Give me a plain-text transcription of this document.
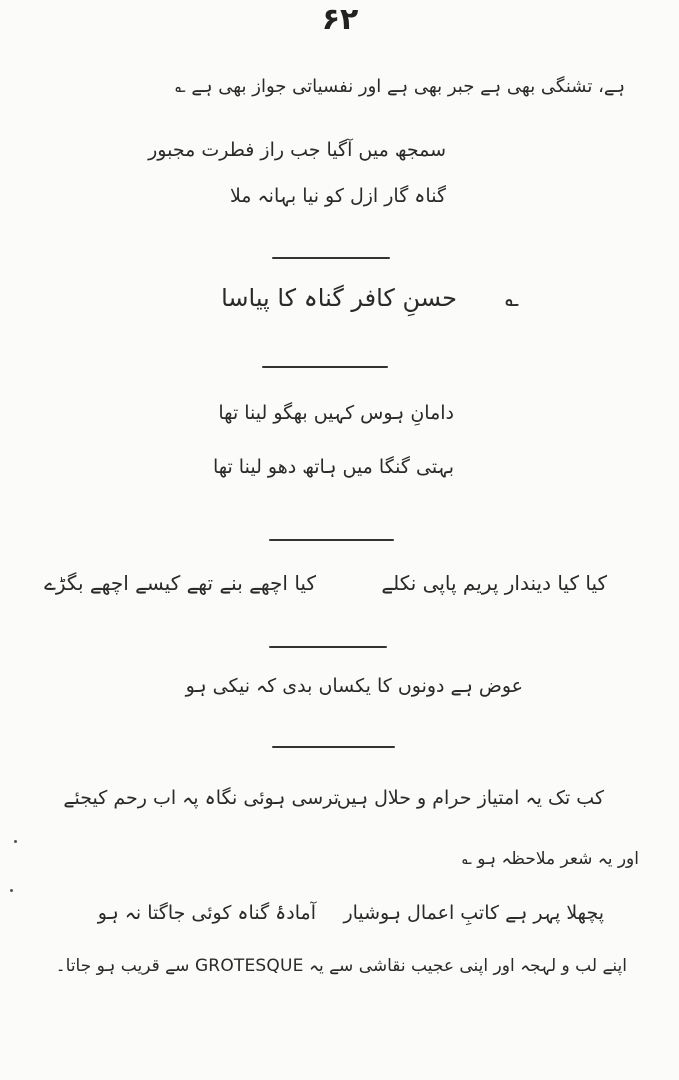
۶۲
ہے، تشنگی بھی ہے جبر بھی ہے اور نفسیاتی جواز بھی ہے ؎
سمجھ میں آگیا جب راز فطرت مجبور
گناہ گار ازل کو نیا بہانہ ملا
حسنِ کافر گناہ کا پیاسا ؎
دامانِ ہوس کہیں بھگو لینا تھا
بہتی گنگا میں ہاتھ دھو لینا تھا
کیا کیا دیندار پریم پاپی نکلے
کیا اچھے بنے تھے کیسے اچھے بگڑے
عوض ہے دونوں کا یکساں بدی کہ نیکی ہو
ترسی ہوئی نگاہ پہ اب رحم کیجئے
کب تک یہ امتیاز حرام و حلال ہیں
اور یہ شعر ملاحظہ ہو ؎
پچھلا پہر ہے کاتبِ اعمال ہوشیار
آمادۂ گناہ کوئی جاگتا نہ ہو
اپنے لب و لہجہ اور اپنی عجیب نقاشی سے یہ GROTESQUE سے قریب ہو جاتا۔
